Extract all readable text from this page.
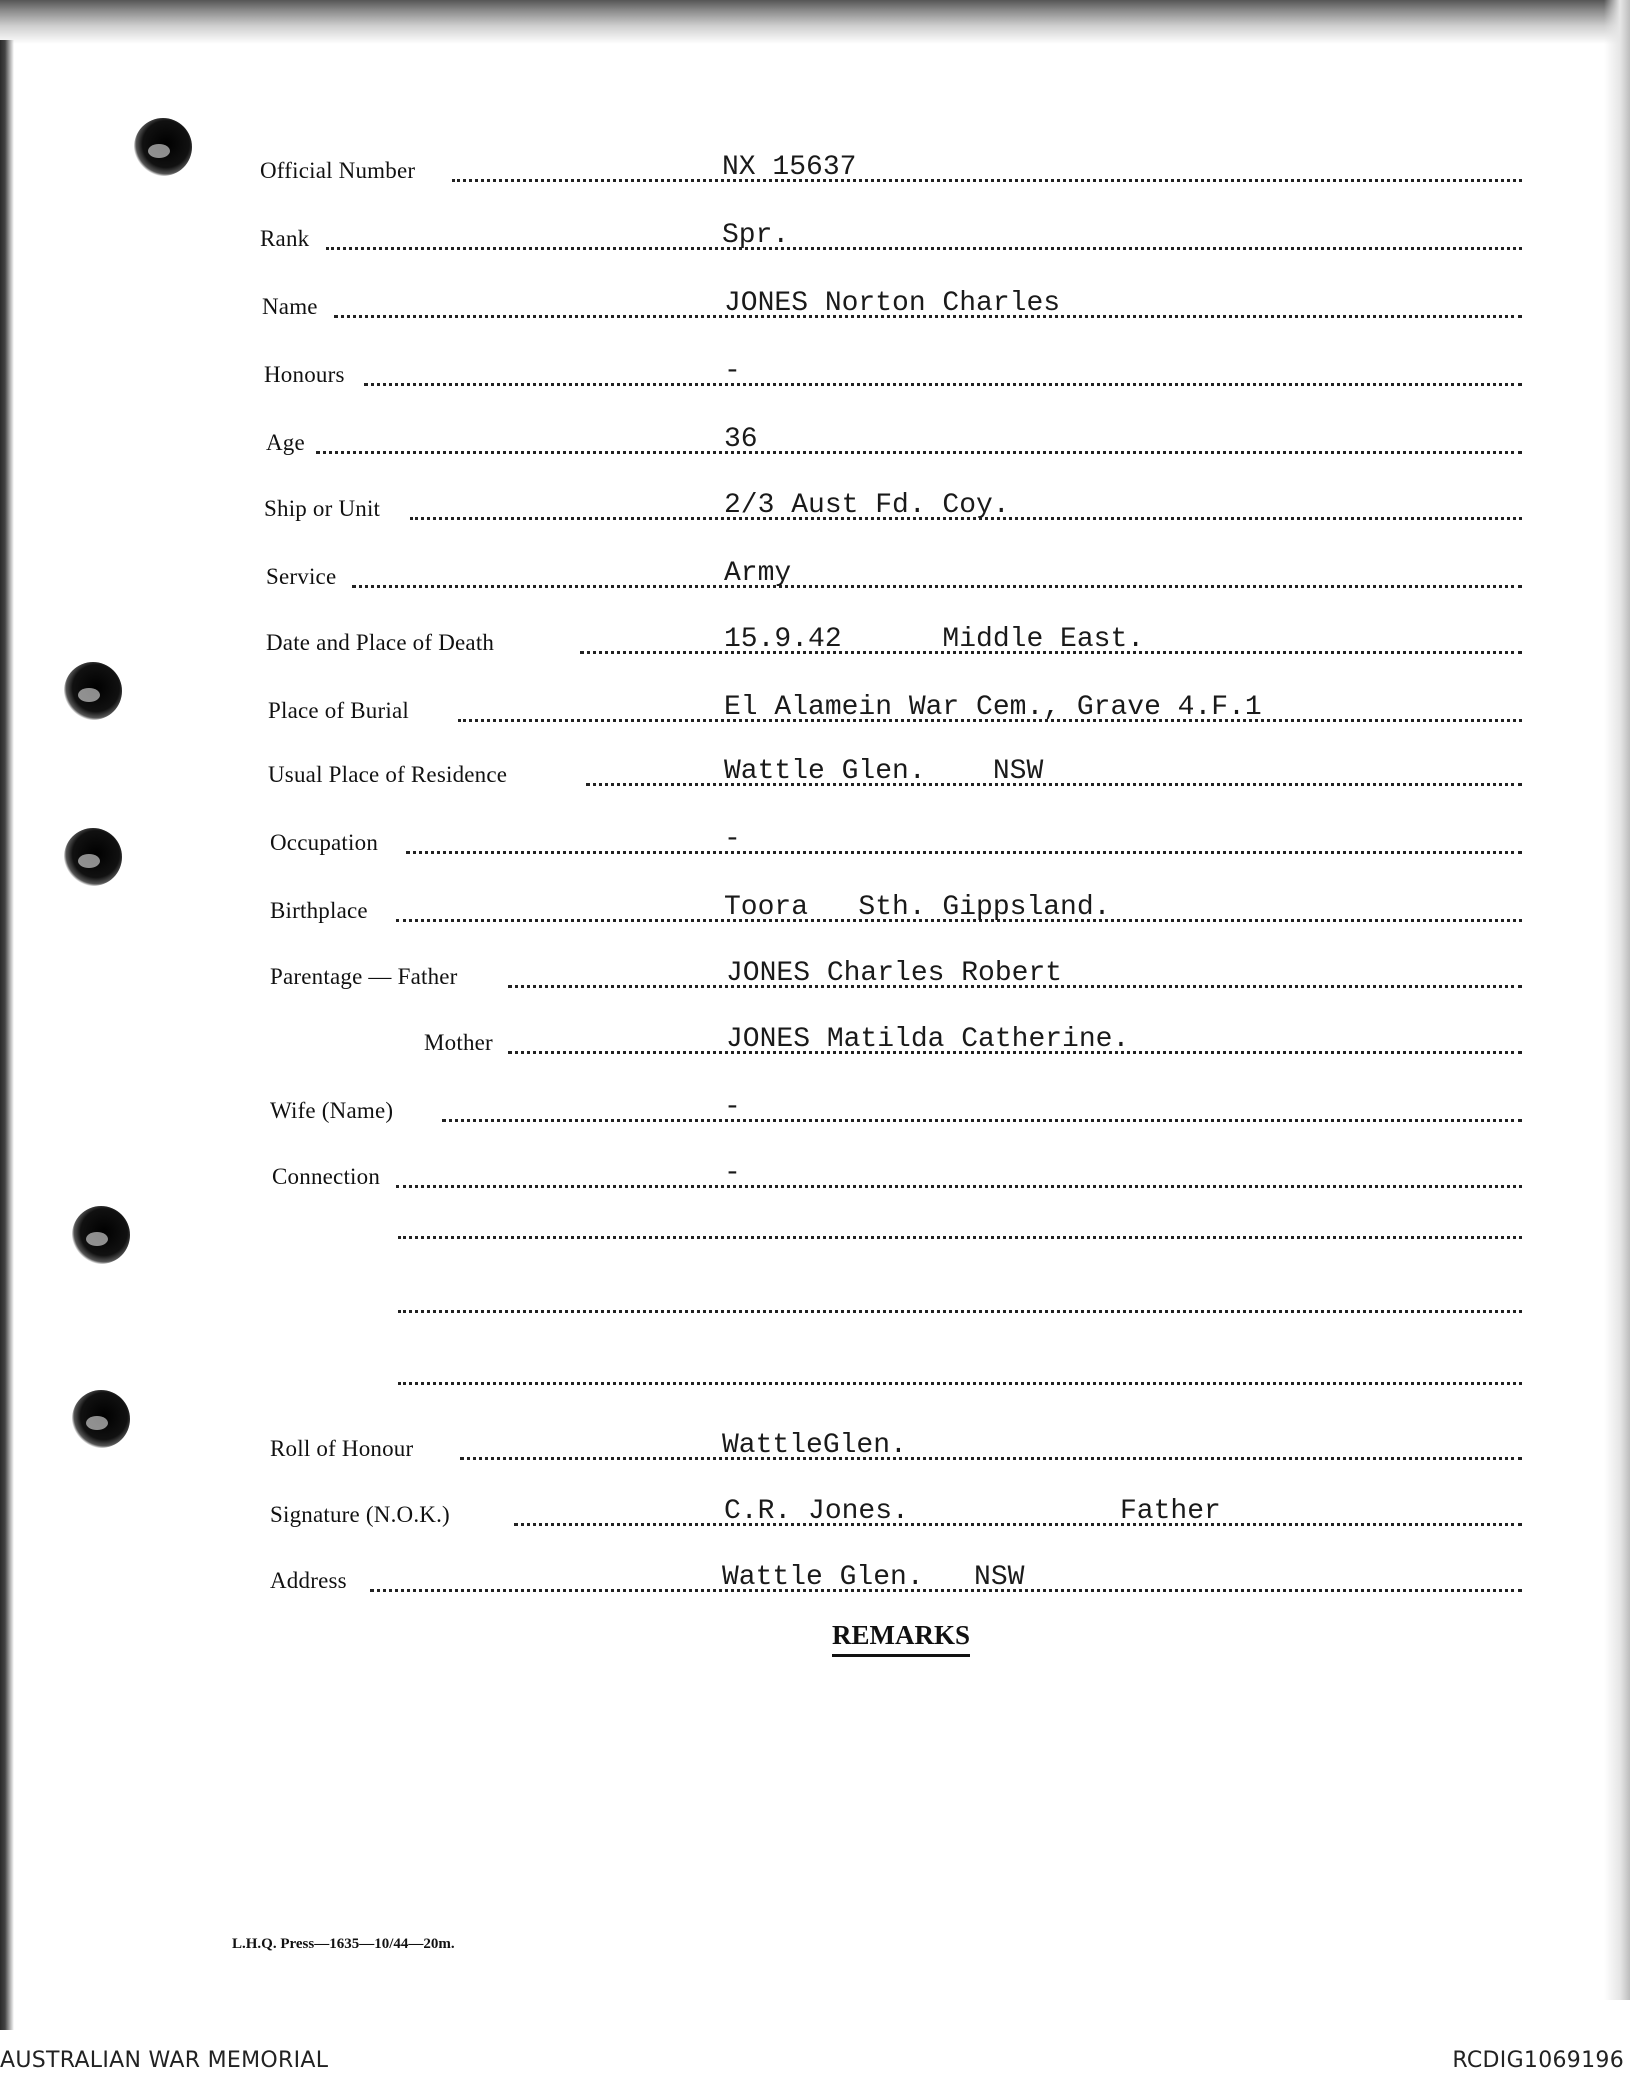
Official Number	NX 15637
Rank	Spr.
Name	JONES Norton Charles
Honours	-
Age	36
Ship or Unit	2/3 Aust Fd. Coy.
Service	Army
Date and Place of Death	15.9.42      Middle East.
Place of Burial	El Alamein War Cem., Grave 4.F.1
Usual Place of Residence	Wattle Glen.    NSW
Occupation	-
Birthplace	Toora   Sth. Gippsland.
Parentage — Father	JONES Charles Robert
Mother	JONES Matilda Catherine.
Wife (Name)	-
Connection	-
Roll of Honour	WattleGlen.
Signature (N.O.K.)	C.R. Jones.	Father
Address	Wattle Glen.   NSW
REMARKS
L.H.Q. Press—1635—10/44—20m.
AUSTRALIAN WAR MEMORIAL	RCDIG1069196
